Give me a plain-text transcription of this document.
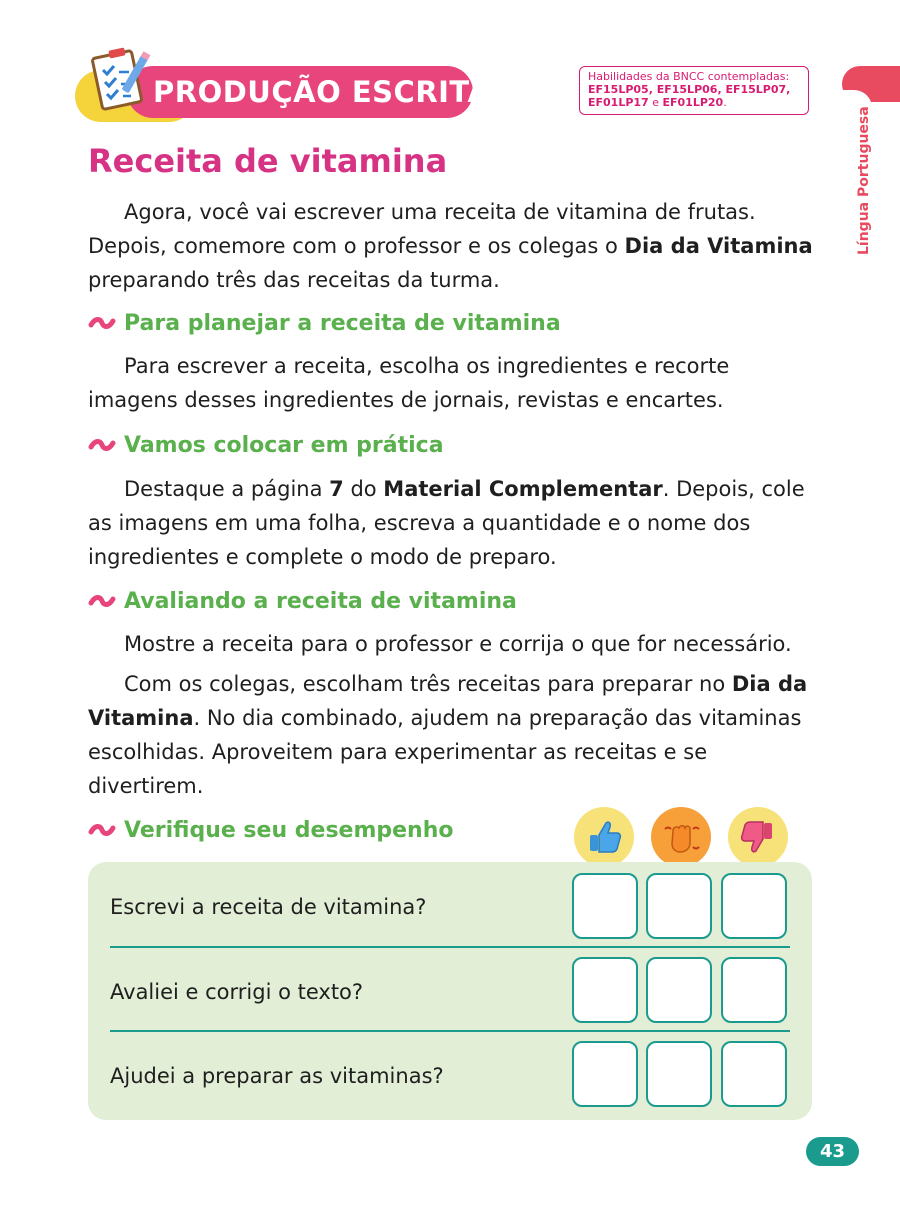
PRODUÇÃO ESCRITA	Habilidades da BNCC contempladas:
EF15LP05, EF15LP06, EF15LP07,
EF01LP17 e EF01LP20.
Língua Portuguesa
Receita de vitamina

Agora, você vai escrever uma receita de vitamina de frutas. Depois, comemore com o professor e os colegas o Dia da Vitamina preparando três das receitas da turma.

Para planejar a receita de vitamina

Para escrever a receita, escolha os ingredientes e recorte imagens desses ingredientes de jornais, revistas e encartes.

Vamos colocar em prática

Destaque a página 7 do Material Complementar. Depois, cole as imagens em uma folha, escreva a quantidade e o nome dos ingredientes e complete o modo de preparo.

Avaliando a receita de vitamina

Mostre a receita para o professor e corrija o que for necessário.

Com os colegas, escolham três receitas para preparar no Dia da Vitamina. No dia combinado, ajudem na preparação das vitaminas escolhidas. Aproveitem para experimentar as receitas e se divertirem.

Verifique seu desempenho
Escrevi a receita de vitamina?
Avaliei e corrigi o texto?
Ajudei a preparar as vitaminas?
43
